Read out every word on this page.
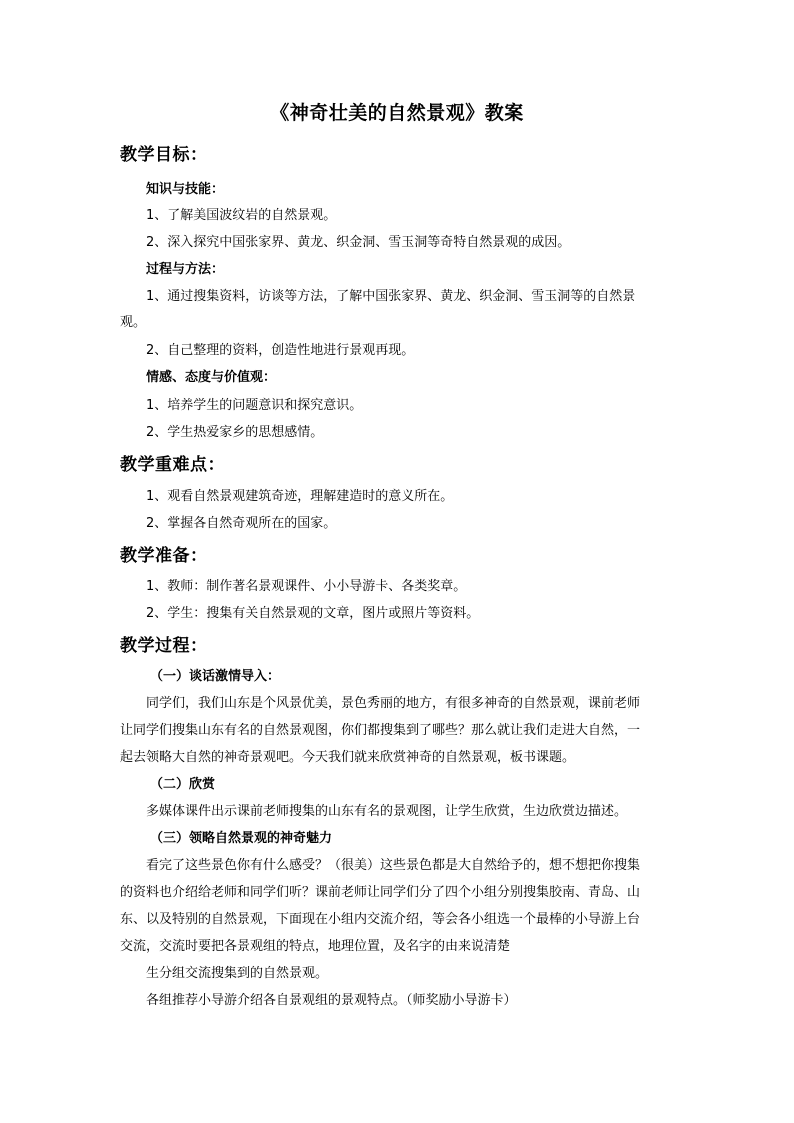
《神奇壮美的自然景观》教案
教学目标：
知识与技能：
1、了解美国波纹岩的自然景观。
2、深入探究中国张家界、黄龙、织金洞、雪玉洞等奇特自然景观的成因。
过程与方法：
1、通过搜集资料，访谈等方法，了解中国张家界、黄龙、织金洞、雪玉洞等的自然景
观。
2、自己整理的资料，创造性地进行景观再现。
情感、态度与价值观：
1、培养学生的问题意识和探究意识。
2、学生热爱家乡的思想感情。
教学重难点：
1、观看自然景观建筑奇迹，理解建造时的意义所在。
2、掌握各自然奇观所在的国家。
教学准备：
1、教师：制作著名景观课件、小小导游卡、各类奖章。
2、学生：搜集有关自然景观的文章，图片或照片等资料。
教学过程：
（一）谈话激情导入：
同学们，我们山东是个风景优美，景色秀丽的地方，有很多神奇的自然景观，课前老师
让同学们搜集山东有名的自然景观图，你们都搜集到了哪些？那么就让我们走进大自然，一
起去领略大自然的神奇景观吧。今天我们就来欣赏神奇的自然景观，板书课题。
（二）欣赏
多媒体课件出示课前老师搜集的山东有名的景观图，让学生欣赏，生边欣赏边描述。
（三）领略自然景观的神奇魅力
看完了这些景色你有什么感受？（很美）这些景色都是大自然给予的，想不想把你搜集
的资料也介绍给老师和同学们听？课前老师让同学们分了四个小组分别搜集胶南、青岛、山
东、以及特别的自然景观，下面现在小组内交流介绍，等会各小组选一个最棒的小导游上台
交流，交流时要把各景观组的特点，地理位置，及名字的由来说清楚
生分组交流搜集到的自然景观。
各组推荐小导游介绍各自景观组的景观特点。（师奖励小导游卡）
